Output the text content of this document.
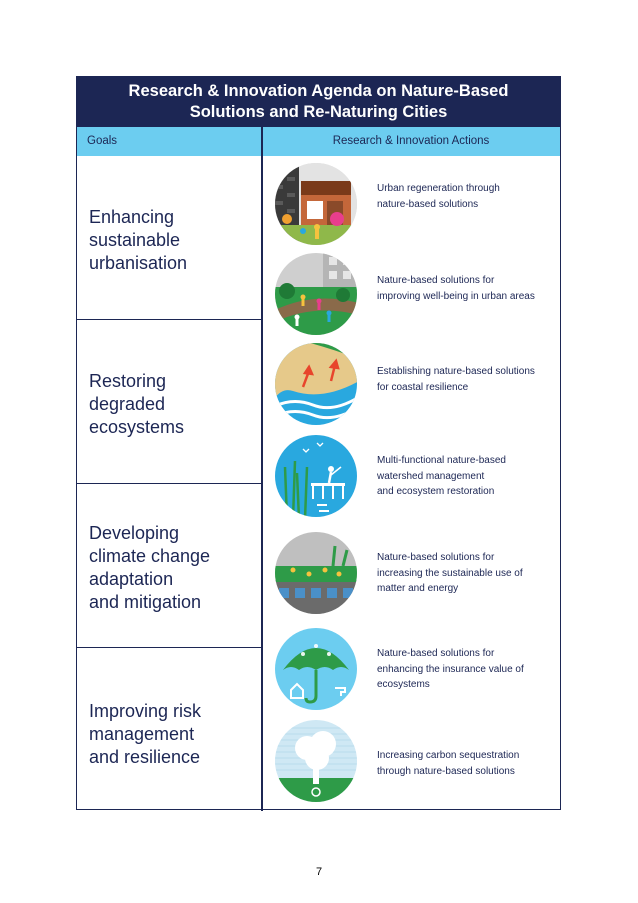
Research & Innovation Agenda on Nature-Based
Solutions and Re-Naturing Cities
Goals	Research & Innovation Actions
Enhancing
sustainable
urbanisation
Restoring
degraded
ecosystems
Developing
climate change
adaptation
and mitigation
Improving risk
management
and resilience
Urban regeneration through
nature-based solutions
Nature-based solutions for
improving well-being in urban areas
Establishing nature-based solutions
for coastal resilience
Multi-functional nature-based
watershed management
and ecosystem restoration
Nature-based solutions for
increasing the sustainable use of
matter and energy
Nature-based solutions for
enhancing the insurance value of
ecosystems
Increasing carbon sequestration
through nature-based solutions
7
